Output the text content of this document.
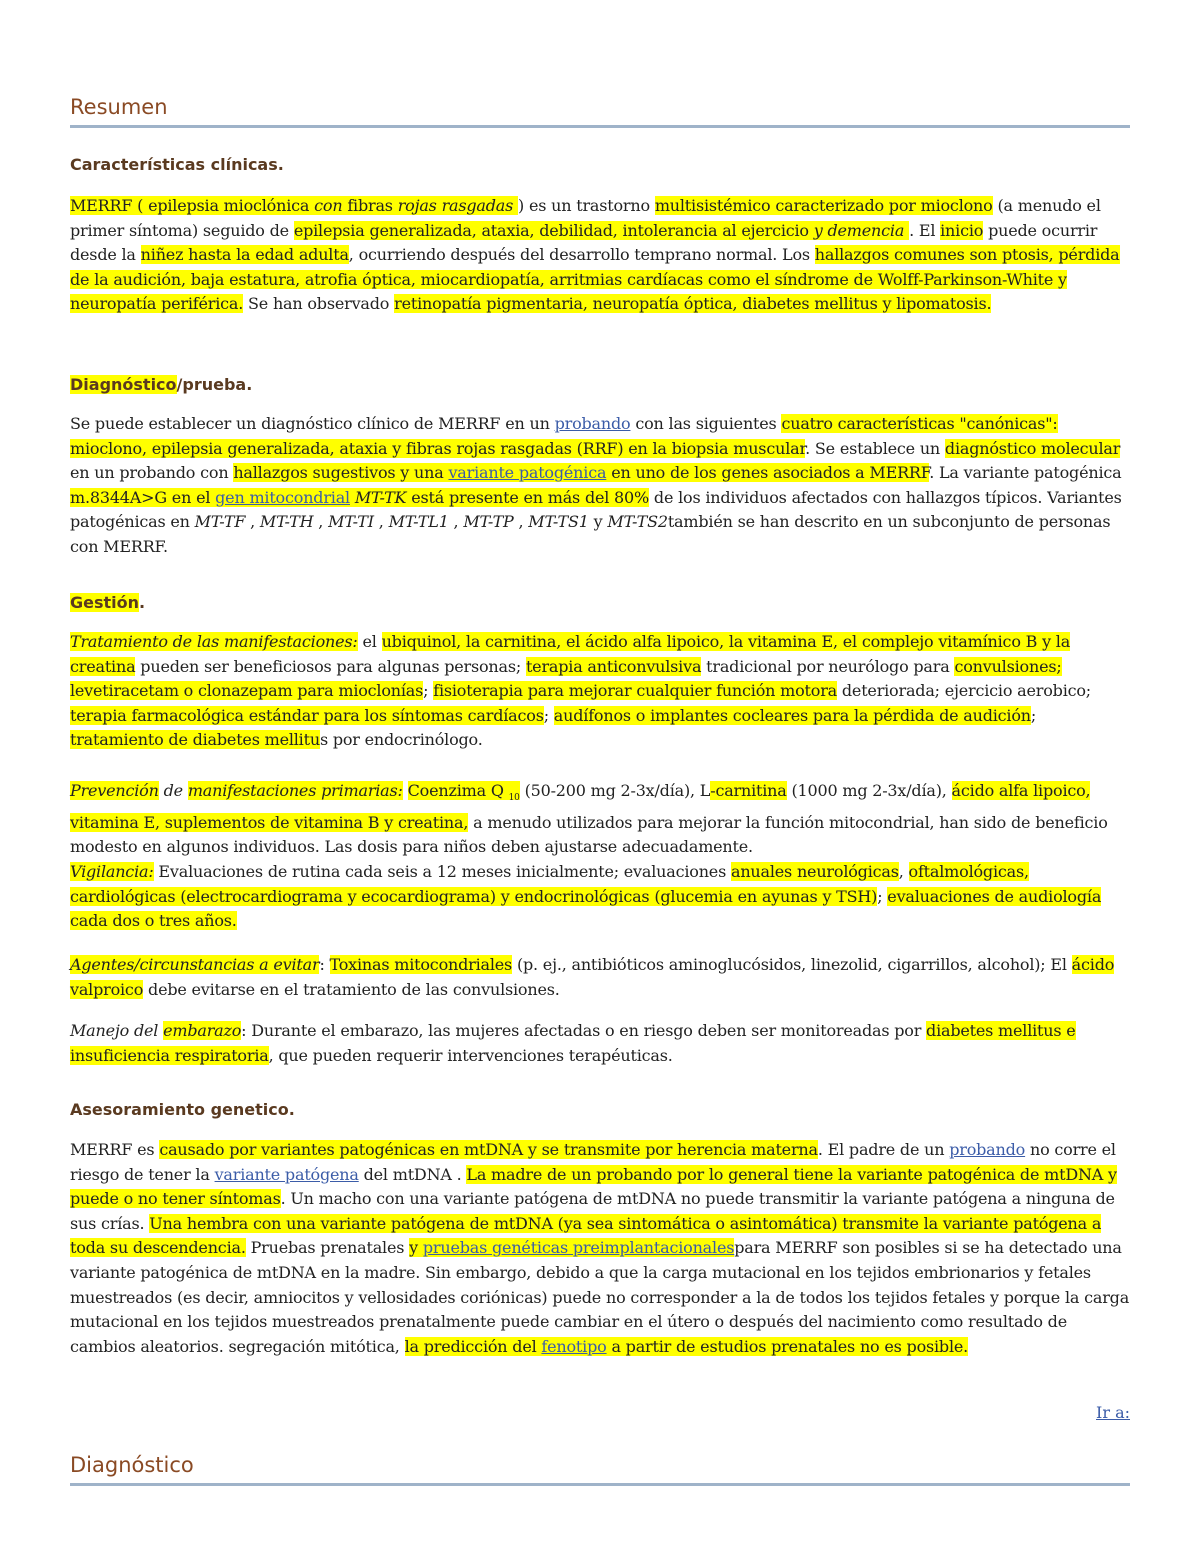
Resumen
Características clínicas.

MERRF ( epilepsia mioclónica con fibras rojas rasgadas ) es un trastorno multisistémico caracterizado por mioclono (a menudo el primer síntoma) seguido de epilepsia generalizada, ataxia, debilidad, intolerancia al ejercicio y demencia . El inicio puede ocurrir desde la niñez hasta la edad adulta, ocurriendo después del desarrollo temprano normal. Los hallazgos comunes son ptosis, pérdida de la audición, baja estatura, atrofia óptica, miocardiopatía, arritmias cardíacas como el síndrome de Wolff-Parkinson-White y neuropatía periférica. Se han observado retinopatía pigmentaria, neuropatía óptica, diabetes mellitus y lipomatosis.

Diagnóstico/prueba.

Se puede establecer un diagnóstico clínico de MERRF en un probando con las siguientes cuatro características "canónicas": mioclono, epilepsia generalizada, ataxia y fibras rojas rasgadas (RRF) en la biopsia muscular. Se establece un diagnóstico molecular en un probando con hallazgos sugestivos y una variante patogénica en uno de los genes asociados a MERRF. La variante patogénica m.8344A>G en el gen mitocondrial MT-TK está presente en más del 80% de los individuos afectados con hallazgos típicos. Variantes patogénicas en MT-TF , MT-TH , MT-TI , MT-TL1 , MT-TP , MT-TS1 y MT-TS2también se han descrito en un subconjunto de personas con MERRF.

Gestión.

Tratamiento de las manifestaciones: el ubiquinol, la carnitina, el ácido alfa lipoico, la vitamina E, el complejo vitamínico B y la creatina pueden ser beneficiosos para algunas personas; terapia anticonvulsiva tradicional por neurólogo para convulsiones; levetiracetam o clonazepam para mioclonías; fisioterapia para mejorar cualquier función motora deteriorada; ejercicio aerobico; terapia farmacológica estándar para los síntomas cardíacos; audífonos o implantes cocleares para la pérdida de audición; tratamiento de diabetes mellitus por endocrinólogo.

Prevención de manifestaciones primarias: Coenzima Q $_{10}$ (50-200 mg 2-3x/día), L-carnitina (1000 mg 2-3x/día), ácido alfa lipoico, vitamina E, suplementos de vitamina B y creatina, a menudo utilizados para mejorar la función mitocondrial, han sido de beneficio modesto en algunos individuos. Las dosis para niños deben ajustarse adecuadamente.

Vigilancia: Evaluaciones de rutina cada seis a 12 meses inicialmente; evaluaciones anuales neurológicas, oftalmológicas, cardiológicas (electrocardiograma y ecocardiograma) y endocrinológicas (glucemia en ayunas y TSH); evaluaciones de audiología cada dos o tres años.

Agentes/circunstancias a evitar: Toxinas mitocondriales (p. ej., antibióticos aminoglucósidos, linezolid, cigarrillos, alcohol); El ácido valproico debe evitarse en el tratamiento de las convulsiones.

Manejo del embarazo: Durante el embarazo, las mujeres afectadas o en riesgo deben ser monitoreadas por diabetes mellitus e insuficiencia respiratoria, que pueden requerir intervenciones terapéuticas.

Asesoramiento genetico.

MERRF es causado por variantes patogénicas en mtDNA y se transmite por herencia materna. El padre de un probando no corre el riesgo de tener la variante patógena del mtDNA . La madre de un probando por lo general tiene la variante patogénica de mtDNA y puede o no tener síntomas. Un macho con una variante patógena de mtDNA no puede transmitir la variante patógena a ninguna de sus crías. Una hembra con una variante patógena de mtDNA (ya sea sintomática o asintomática) transmite la variante patógena a toda su descendencia. Pruebas prenatales y pruebas genéticas preimplantacionalespara MERRF son posibles si se ha detectado una variante patogénica de mtDNA en la madre. Sin embargo, debido a que la carga mutacional en los tejidos embrionarios y fetales muestreados (es decir, amniocitos y vellosidades coriónicas) puede no corresponder a la de todos los tejidos fetales y porque la carga mutacional en los tejidos muestreados prenatalmente puede cambiar en el útero o después del nacimiento como resultado de cambios aleatorios. segregación mitótica, la predicción del fenotipo a partir de estudios prenatales no es posible.

Ir a:
Diagnóstico
